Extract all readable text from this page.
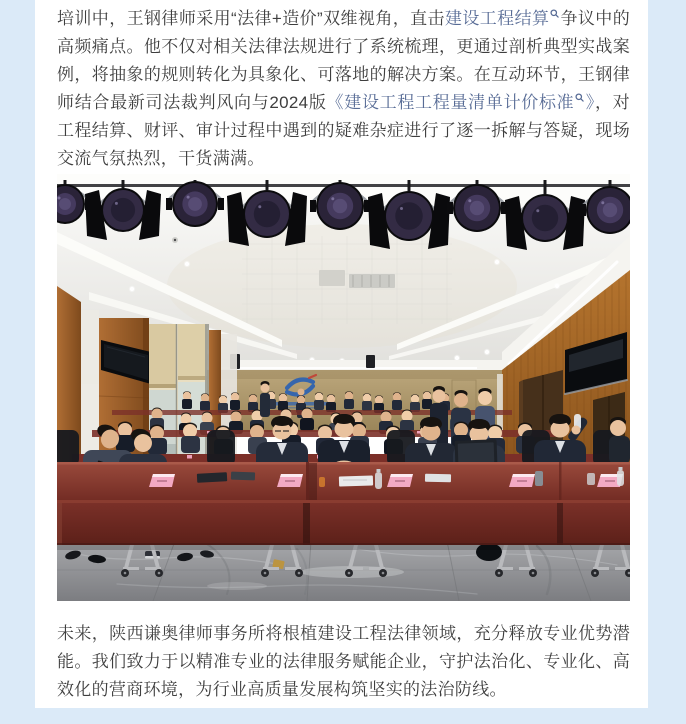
培训中，王钢律师采用“法律+造价”双维视角，直击建设工程结算 争议中的高频痛点。他不仅对相关法律法规进行了系统梳理，更通过剖析典型实战案例，将抽象的规则转化为具象化、可落地的解决方案。在互动环节，王钢律师结合最新司法裁判风向与2024版《建设工程工程量清单计价标准 》，对工程结算、财评、审计过程中遇到的疑难杂症进行了逐一拆解与答疑，现场交流气氛热烈，干货满满。

未来，陕西谦奥律师事务所将根植建设工程法律领域，充分释放专业优势潜能。我们致力于以精准专业的法律服务赋能企业，守护法治化、专业化、高效化的营商环境，为行业高质量发展构筑坚实的法治防线。
